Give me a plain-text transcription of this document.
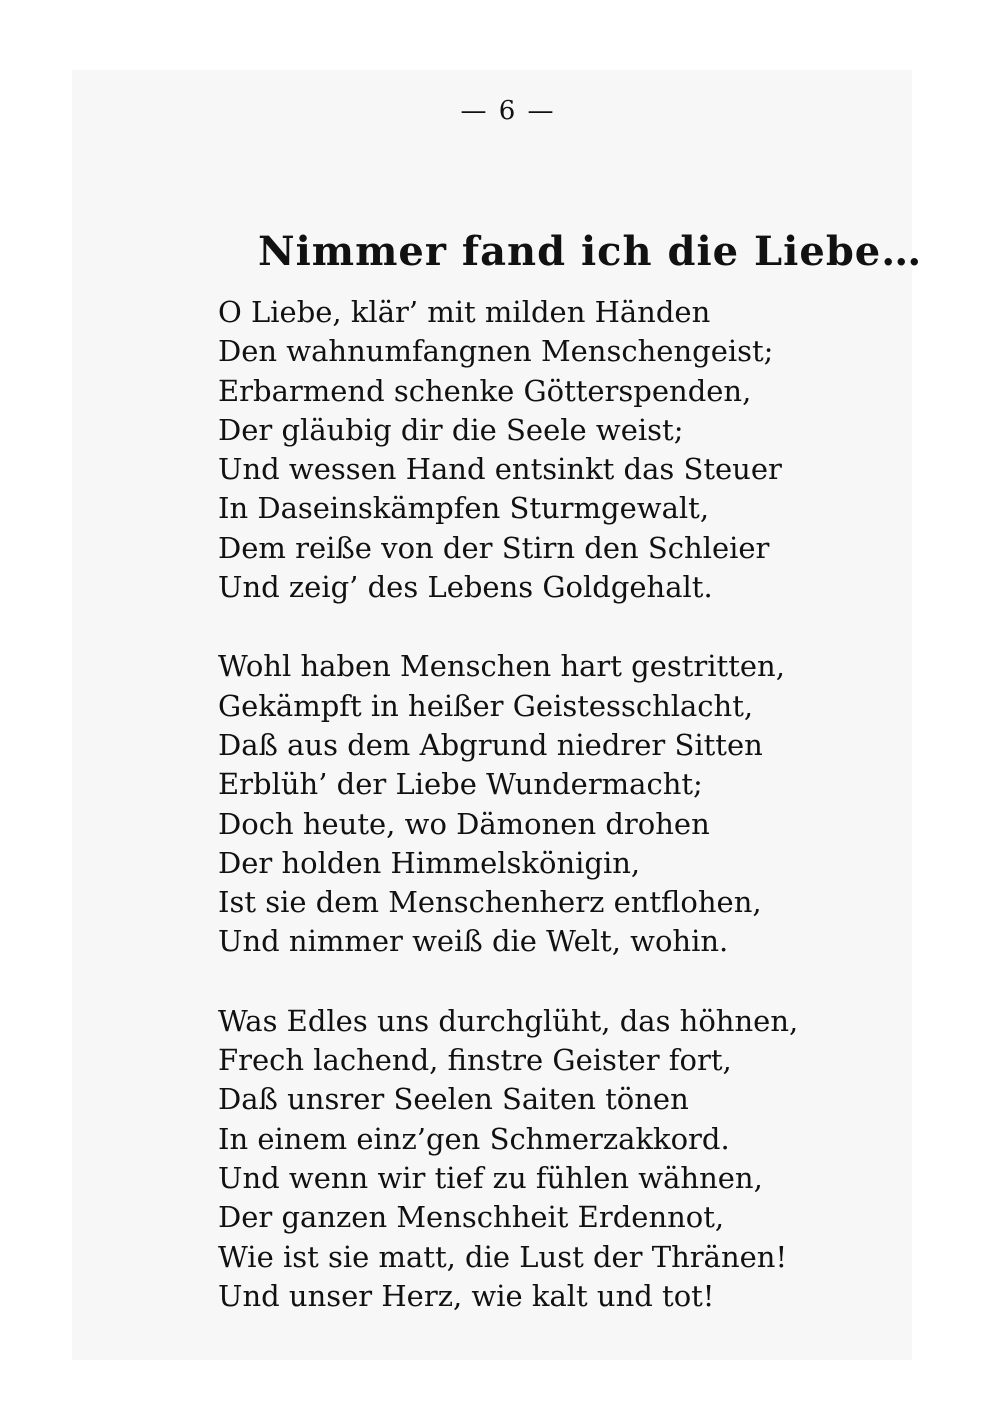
— 6 —
Nimmer fand ich die Liebe…
O Liebe, klär’ mit milden Händen
Den wahnumfangnen Menschengeist;
Erbarmend schenke Götterspenden,
Der gläubig dir die Seele weist;
Und wessen Hand entsinkt das Steuer
In Daseinskämpfen Sturmgewalt,
Dem reiße von der Stirn den Schleier
Und zeig’ des Lebens Goldgehalt.
Wohl haben Menschen hart gestritten,
Gekämpft in heißer Geistesschlacht,
Daß aus dem Abgrund niedrer Sitten
Erblüh’ der Liebe Wundermacht;
Doch heute, wo Dämonen drohen
Der holden Himmelskönigin,
Ist sie dem Menschenherz entflohen,
Und nimmer weiß die Welt, wohin.
Was Edles uns durchglüht, das höhnen,
Frech lachend, finstre Geister fort,
Daß unsrer Seelen Saiten tönen
In einem einz’gen Schmerzakkord.
Und wenn wir tief zu fühlen wähnen,
Der ganzen Menschheit Erdennot,
Wie ist sie matt, die Lust der Thränen!
Und unser Herz, wie kalt und tot!
